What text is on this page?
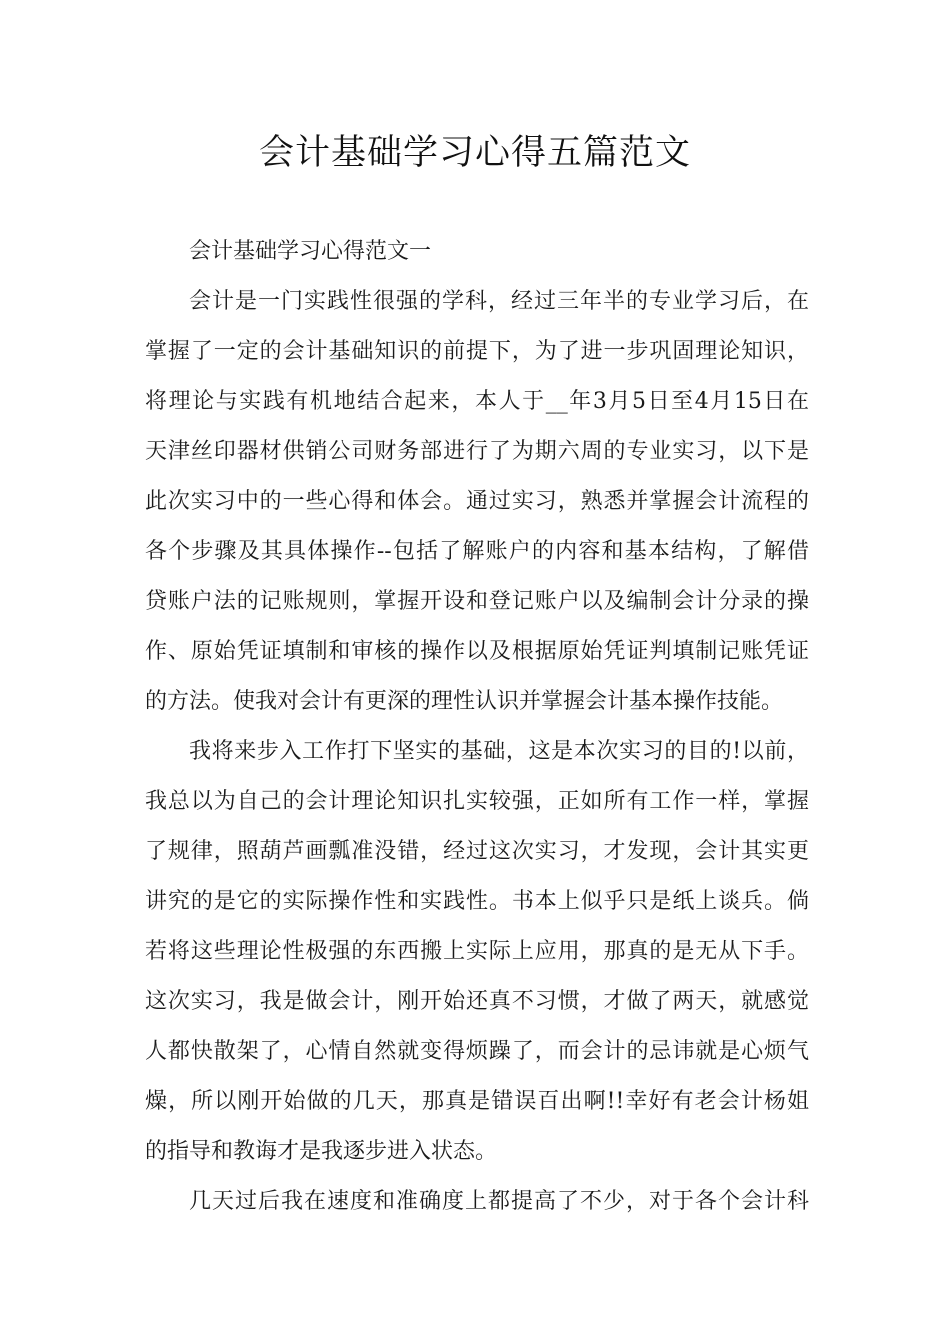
会计基础学习心得五篇范文
会计基础学习心得范文一
会计是一门实践性很强的学科，经过三年半的专业学习后，在
掌握了一定的会计基础知识的前提下，为了进一步巩固理论知识，
将理论与实践有机地结合起来，本人于__年3月5日至4月15日在
天津丝印器材供销公司财务部进行了为期六周的专业实习，以下是
此次实习中的一些心得和体会。通过实习，熟悉并掌握会计流程的
各个步骤及其具体操作--包括了解账户的内容和基本结构，了解借
贷账户法的记账规则，掌握开设和登记账户以及编制会计分录的操
作、原始凭证填制和审核的操作以及根据原始凭证判填制记账凭证
的方法。使我对会计有更深的理性认识并掌握会计基本操作技能。
我将来步入工作打下坚实的基础，这是本次实习的目的!以前，
我总以为自己的会计理论知识扎实较强，正如所有工作一样，掌握
了规律，照葫芦画瓢准没错，经过这次实习，才发现，会计其实更
讲究的是它的实际操作性和实践性。书本上似乎只是纸上谈兵。倘
若将这些理论性极强的东西搬上实际上应用，那真的是无从下手。
这次实习，我是做会计，刚开始还真不习惯，才做了两天，就感觉
人都快散架了，心情自然就变得烦躁了，而会计的忌讳就是心烦气
燥，所以刚开始做的几天，那真是错误百出啊!!幸好有老会计杨姐
的指导和教诲才是我逐步进入状态。
几天过后我在速度和准确度上都提高了不少，对于各个会计科
